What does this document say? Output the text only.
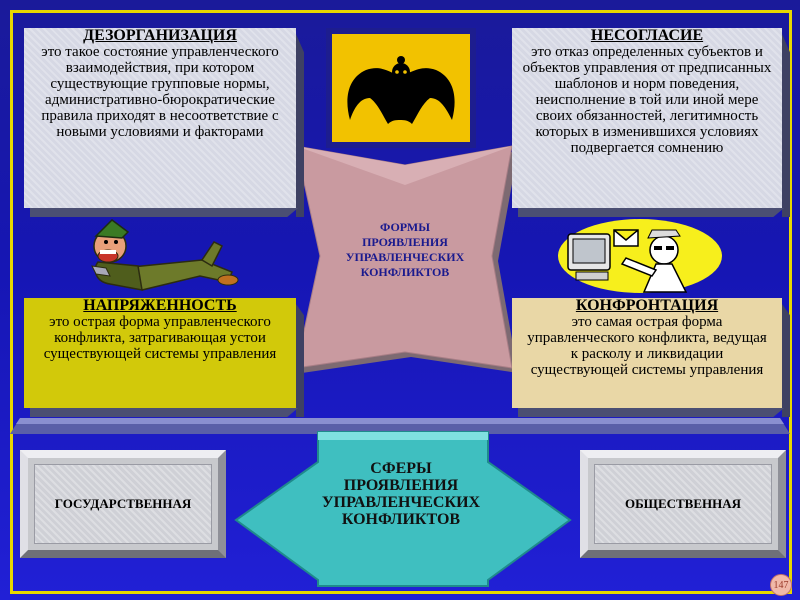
ФОРМЫ
ПРОЯВЛЕНИЯ
УПРАВЛЕНЧЕСКИХ
КОНФЛИКТОВ
ДЕЗОРГАНИЗАЦИЯ
это такое состояние управленческого взаимодействия, при котором существующие групповые нормы, административно-бюрократические правила приходят в несоответствие с новыми условиями и факторами
НЕСОГЛАСИЕ
это отказ определенных субъектов и объектов управления от предписанных шаблонов и норм поведения, неисполнение в той или иной мере своих обязанностей, легитимность которых в изменившихся условиях подвергается сомнению
НАПРЯЖЕННОСТЬ
это острая форма управленческого конфликта, затрагивающая устои существующей системы управления
КОНФРОНТАЦИЯ
это самая острая форма управленческого конфликта, ведущая к расколу и ликвидации существующей системы управления
СФЕРЫ
ПРОЯВЛЕНИЯ
УПРАВЛЕНЧЕСКИХ
КОНФЛИКТОВ
ГОСУДАРСТВЕННАЯ	ОБЩЕСТВЕННАЯ
147
